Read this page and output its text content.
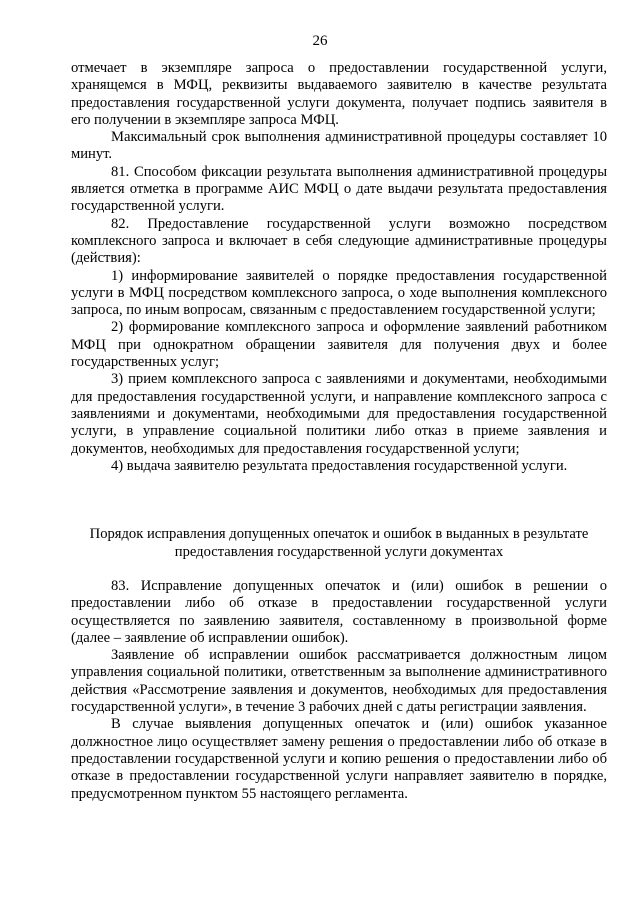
26

отмечает в экземпляре запроса о предоставлении государственной услуги, хранящемся в МФЦ, реквизиты выдаваемого заявителю в качестве результата предоставления государственной услуги документа, получает подпись заявителя в его получении в экземпляре запроса МФЦ.

Максимальный срок выполнения административной процедуры составляет 10 минут.

81. Способом фиксации результата выполнения административной процедуры является отметка в программе АИС МФЦ о дате выдачи результата предоставления государственной услуги.

82. Предоставление государственной услуги возможно посредством комплексного запроса и включает в себя следующие административные процедуры (действия):

1) информирование заявителей о порядке предоставления государственной услуги в МФЦ посредством комплексного запроса, о ходе выполнения комплексного запроса, по иным вопросам, связанным с предоставлением государственной услуги;

2) формирование комплексного запроса и оформление заявлений работником МФЦ при однократном обращении заявителя для получения двух и более государственных услуг;

3) прием комплексного запроса с заявлениями и документами, необходимыми для предоставления государственной услуги, и направление комплексного запроса с заявлениями и документами, необходимыми для предоставления государственной услуги, в управление социальной политики либо отказ в приеме заявления и документов, необходимых для предоставления государственной услуги;

4) выдача заявителю результата предоставления государственной услуги.

Порядок исправления допущенных опечаток и ошибок в выданных в результате

предоставления государственной услуги документах

83. Исправление допущенных опечаток и (или) ошибок в решении о предоставлении либо об отказе в предоставлении государственной услуги осуществляется по заявлению заявителя, составленному в произвольной форме (далее – заявление об исправлении ошибок).

Заявление об исправлении ошибок рассматривается должностным лицом управления социальной политики, ответственным за выполнение административного действия «Рассмотрение заявления и документов, необходимых для предоставления государственной услуги», в течение 3 рабочих дней с даты регистрации заявления.

В случае выявления допущенных опечаток и (или) ошибок указанное должностное лицо осуществляет замену решения о предоставлении либо об отказе в предоставлении государственной услуги и копию решения о предоставлении либо об отказе в предоставлении государственной услуги направляет заявителю в порядке, предусмотренном пунктом 55 настоящего регламента.
